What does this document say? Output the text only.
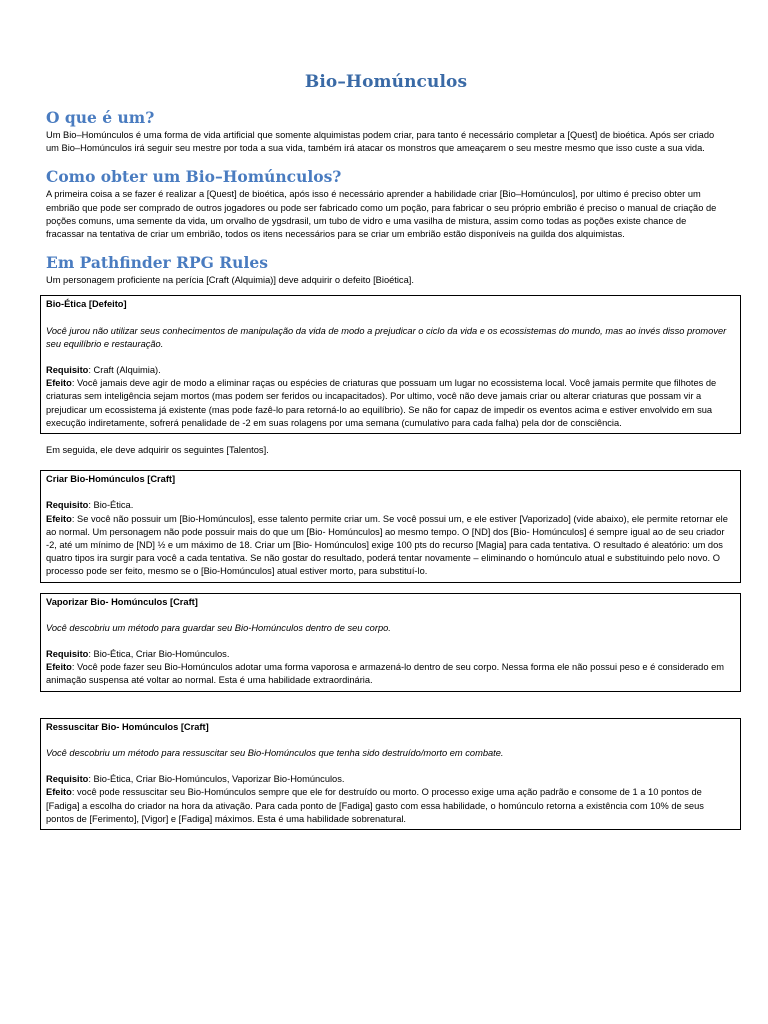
Bio–Homúnculos
O que é um?

Um Bio–Homúnculos é uma forma de vida artificial que somente alquimistas podem criar, para tanto é necessário completar a [Quest] de bioética. Após ser criado um Bio–Homúnculos irá seguir seu mestre por toda a sua vida, também irá atacar os monstros que ameaçarem o seu mestre mesmo que isso custe a sua vida.

Como obter um Bio–Homúnculos?

A primeira coisa a se fazer é realizar a [Quest] de bioética, após isso é necessário aprender a habilidade criar [Bio–Homúnculos], por ultimo é preciso obter um embrião que pode ser comprado de outros jogadores ou pode ser fabricado como um poção, para fabricar o seu próprio embrião é preciso o manual de criação de poções comuns, uma semente da vida, um orvalho de ygsdrasil, um tubo de vidro e uma vasilha de mistura, assim como todas as poções existe chance de fracassar na tentativa de criar um embrião, todos os itens necessários para se criar um embrião estão disponíveis na guilda dos alquimistas.

Em Pathfinder RPG Rules

Um personagem proficiente na perícia [Craft (Alquimia)] deve adquirir o defeito [Bioética].

Bio-Ética [Defeito]
Você jurou não utilizar seus conhecimentos de manipulação da vida de modo a prejudicar o ciclo da vida e os ecossistemas do mundo, mas ao invés disso promover seu equilíbrio e restauração.
Requisito: Craft (Alquimia).
Efeito: Você jamais deve agir de modo a eliminar raças ou espécies de criaturas que possuam um lugar no ecossistema local. Você jamais permite que filhotes de criaturas sem inteligência sejam mortos (mas podem ser feridos ou incapacitados). Por ultimo, você não deve jamais criar ou alterar criaturas que possam vir a prejudicar um ecossistema já existente (mas pode fazê-lo para retorná-lo ao equilíbrio). Se não for capaz de impedir os eventos acima e estiver envolvido em sua execução indiretamente, sofrerá penalidade de -2 em suas rolagens por uma semana (cumulativo para cada falha) pela dor de consciência.

Em seguida, ele deve adquirir os seguintes [Talentos].

Criar Bio-Homúnculos [Craft]
Requisito: Bio-Ética.
Efeito: Se você não possuir um [Bio-Homúnculos], esse talento permite criar um. Se você possui um, e ele estiver [Vaporizado] (vide abaixo), ele permite retornar ele ao normal. Um personagem não pode possuir mais do que um [Bio- Homúnculos] ao mesmo tempo. O [ND] dos [Bio- Homúnculos] é sempre igual ao de seu criador -2, até um mínimo de [ND] ½ e um máximo de 18. Criar um [Bio- Homúnculos] exige 100 pts do recurso [Magia] para cada tentativa. O resultado é aleatório: um dos quatro tipos ira surgir para você a cada tentativa. Se não gostar do resultado, poderá tentar novamente – eliminando o homúnculo atual e substituindo pelo novo. O processo pode ser feito, mesmo se o [Bio-Homúnculos] atual estiver morto, para substituí-lo.
Vaporizar Bio- Homúnculos [Craft]
Você descobriu um método para guardar seu Bio-Homúnculos dentro de seu corpo.
Requisito: Bio-Ética, Criar Bio-Homúnculos.
Efeito: Você pode fazer seu Bio-Homúnculos adotar uma forma vaporosa e armazená-lo dentro de seu corpo. Nessa forma ele não possui peso e é considerado em animação suspensa até voltar ao normal. Esta é uma habilidade extraordinária.
Ressuscitar Bio- Homúnculos [Craft]
Você descobriu um método para ressuscitar seu Bio-Homúnculos que tenha sido destruído/morto em combate.
Requisito: Bio-Ética, Criar Bio-Homúnculos, Vaporizar Bio-Homúnculos.
Efeito: você pode ressuscitar seu Bio-Homúnculos sempre que ele for destruído ou morto. O processo exige uma ação padrão e consome de 1 a 10 pontos de [Fadiga] a escolha do criador na hora da ativação. Para cada ponto de [Fadiga] gasto com essa habilidade, o homúnculo retorna a existência com 10% de seus pontos de [Ferimento], [Vigor] e [Fadiga] máximos. Esta é uma habilidade sobrenatural.
